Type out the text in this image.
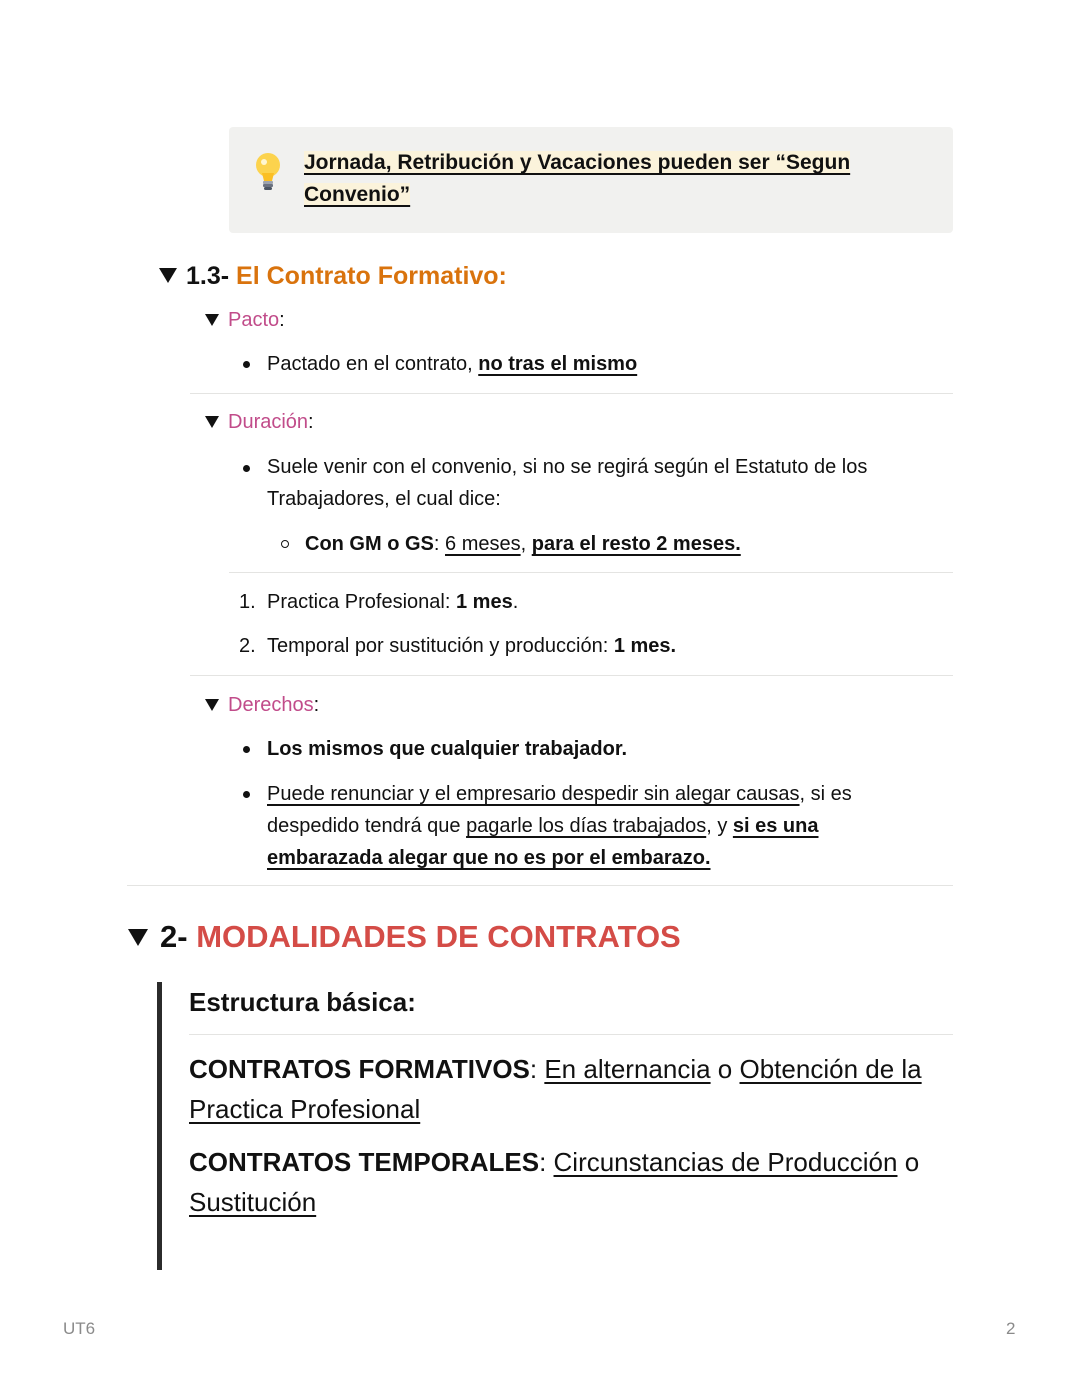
Jornada, Retribución y Vacaciones pueden ser “Segun
Convenio”
1.3- El Contrato Formativo:
Pacto:
Pactado en el contrato, no tras el mismo
Duración:
Suele venir con el convenio, si no se regirá según el Estatuto de los
Trabajadores, el cual dice:
Con GM o GS: 6 meses, para el resto 2 meses.
1. Practica Profesional: 1 mes.
2. Temporal por sustitución y producción: 1 mes.
Derechos:
Los mismos que cualquier trabajador.
Puede renunciar y el empresario despedir sin alegar causas, si es
despedido tendrá que pagarle los días trabajados, y si es una
embarazada alegar que no es por el embarazo.
2- MODALIDADES DE CONTRATOS
Estructura básica:
CONTRATOS FORMATIVOS: En alternancia o Obtención de la
Practica Profesional
CONTRATOS TEMPORALES: Circunstancias de Producción o
Sustitución
UT6	2
